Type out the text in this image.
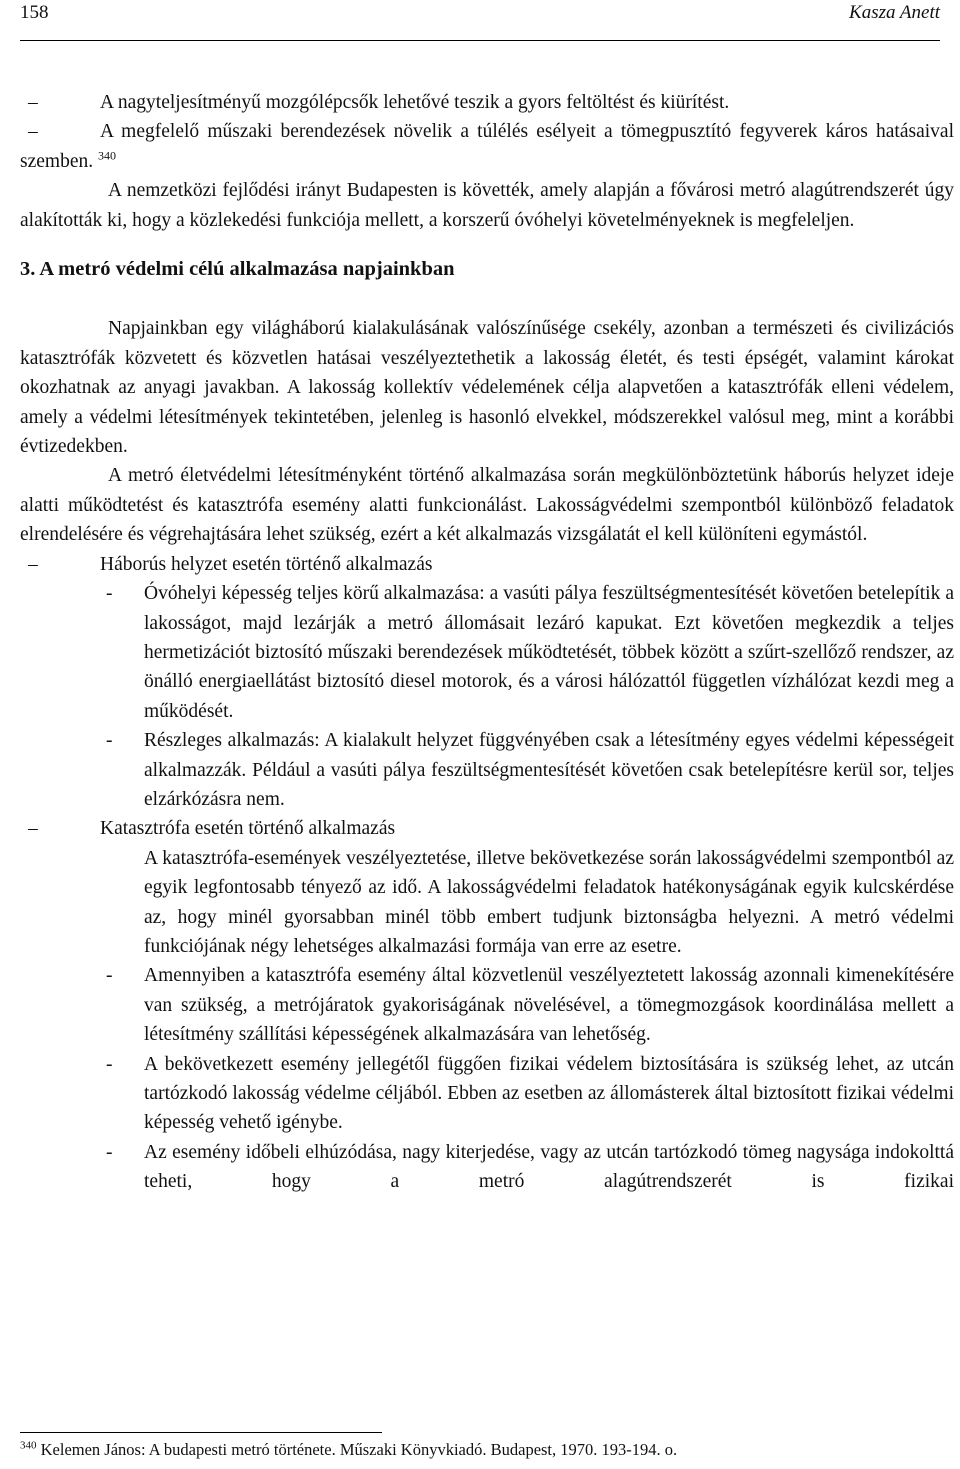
158	Kasza Anett
–	A nagyteljesítményű mozgólépcsők lehetővé teszik a gyors feltöltést és kiürítést.
–	A megfelelő műszaki berendezések növelik a túlélés esélyeit a tömegpusztító fegyverek káros hatásaival szemben. $^{340}$

A nemzetközi fejlődési irányt Budapesten is követték, amely alapján a fővárosi metró alagútrendszerét úgy alakították ki, hogy a közlekedési funkciója mellett, a korszerű óvóhelyi követelményeknek is megfeleljen.

3. A metró védelmi célú alkalmazása napjainkban

Napjainkban egy világháború kialakulásának valószínűsége csekély, azonban a természeti és civilizációs katasztrófák közvetett és közvetlen hatásai veszélyeztethetik a lakosság életét, és testi épségét, valamint károkat okozhatnak az anyagi javakban. A lakosság kollektív védelemének célja alapvetően a katasztrófák elleni védelem, amely a védelmi létesítmények tekintetében, jelenleg is hasonló elvekkel, módszerekkel valósul meg, mint a korábbi évtizedekben.

A metró életvédelmi létesítményként történő alkalmazása során megkülönböztetünk háborús helyzet ideje alatti működtetést és katasztrófa esemény alatti funkcionálást. Lakosságvédelmi szempontból különböző feladatok elrendelésére és végrehajtására lehet szükség, ezért a két alkalmazás vizsgálatát el kell különíteni egymástól.

–	Háborús helyzet esetén történő alkalmazás
- Óvóhelyi képesség teljes körű alkalmazása: a vasúti pálya feszültségmentesítését követően betelepítik a lakosságot, majd lezárják a metró állomásait lezáró kapukat. Ezt követően megkezdik a teljes hermetizációt biztosító műszaki berendezések működtetését, többek között a szűrt-szellőző rendszer, az önálló energiaellátást biztosító diesel motorok, és a városi hálózattól független vízhálózat kezdi meg a működését.
- Részleges alkalmazás: A kialakult helyzet függvényében csak a létesítmény egyes védelmi képességeit alkalmazzák. Például a vasúti pálya feszültségmentesítését követően csak betelepítésre kerül sor, teljes elzárkózásra nem.
–	Katasztrófa esetén történő alkalmazás

A katasztrófa-események veszélyeztetése, illetve bekövetkezése során lakosságvédelmi szempontból az egyik legfontosabb tényező az idő. A lakosságvédelmi feladatok hatékonyságának egyik kulcskérdése az, hogy minél gyorsabban minél több embert tudjunk biztonságba helyezni. A metró védelmi funkciójának négy lehetséges alkalmazási formája van erre az esetre.

- Amennyiben a katasztrófa esemény által közvetlenül veszélyeztetett lakosság azonnali kimenekítésére van szükség, a metrójáratok gyakoriságának növelésével, a tömegmozgások koordinálása mellett a létesítmény szállítási képességének alkalmazására van lehetőség.
- A bekövetkezett esemény jellegétől függően fizikai védelem biztosítására is szükség lehet, az utcán tartózkodó lakosság védelme céljából. Ebben az esetben az állomásterek által biztosított fizikai védelmi képesség vehető igénybe.
- Az esemény időbeli elhúzódása, nagy kiterjedése, vagy az utcán tartózkodó tömeg nagysága indokolttá teheti, hogy a metró alagútrendszerét is fizikai
$^{340}$ Kelemen János: A budapesti metró története. Műszaki Könyvkiadó. Budapest, 1970. 193-194. o.
